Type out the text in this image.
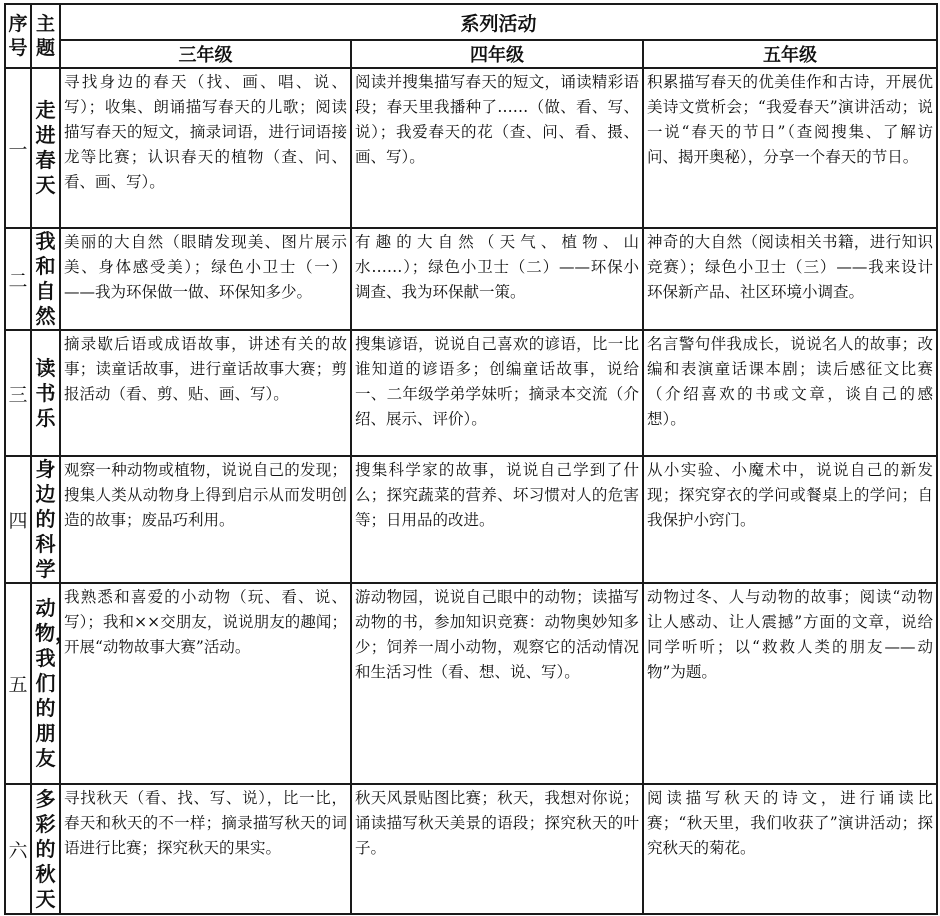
序号	主题	系列活动		
		三年级	四年级	五年级
一	走进春天	寻找身边的春天（找、画、唱、说、写）；收集、朗诵描写春天的儿歌；阅读描写春天的短文，摘录词语，进行词语接龙等比赛；认识春天的植物（查、问、看、画、写）。	阅读并搜集描写春天的短文，诵读精彩语段；春天里我播种了……（做、看、写、说）；我爱春天的花（查、问、看、摄、画、写）。	积累描写春天的优美佳作和古诗，开展优美诗文赏析会；“我爱春天”演讲活动；说一说“春天的节日”（查阅搜集、了解访问、揭开奥秘），分享一个春天的节日。
二	我和自然	美丽的大自然（眼睛发现美、图片展示美、身体感受美）；绿色小卫士（一）——我为环保做一做、环保知多少。	有趣的大自然（天气、植物、山水……）；绿色小卫士（二）——环保小调查、我为环保献一策。	神奇的大自然（阅读相关书籍，进行知识竞赛）；绿色小卫士（三）——我来设计环保新产品、社区环境小调查。
三	读书乐	摘录歇后语或成语故事，讲述有关的故事；读童话故事，进行童话故事大赛；剪报活动（看、剪、贴、画、写）。	搜集谚语，说说自己喜欢的谚语，比一比谁知道的谚语多；创编童话故事，说给一、二年级学弟学妹听；摘录本交流（介绍、展示、评价）。	名言警句伴我成长，说说名人的故事；改编和表演童话课本剧；读后感征文比赛（介绍喜欢的书或文章，谈自己的感想）。
四	身边的科学	观察一种动物或植物，说说自己的发现；搜集人类从动物身上得到启示从而发明创造的故事；废品巧利用。	搜集科学家的故事，说说自己学到了什么；探究蔬菜的营养、坏习惯对人的危害等；日用品的改进。	从小实验、小魔术中，说说自己的新发现；探究穿衣的学问或餐桌上的学问；自我保护小窍门。
五	动物，我们的朋友	我熟悉和喜爱的小动物（玩、看、说、写）；我和××交朋友，说说朋友的趣闻；开展“动物故事大赛”活动。	游动物园，说说自己眼中的动物；读描写动物的书，参加知识竞赛：动物奥妙知多少；饲养一周小动物，观察它的活动情况和生活习性（看、想、说、写）。	动物过冬、人与动物的故事；阅读“动物让人感动、让人震撼”方面的文章，说给同学听听；以“救救人类的朋友——动物”为题。
六	多彩的秋天	寻找秋天（看、找、写、说），比一比，春天和秋天的不一样；摘录描写秋天的词语进行比赛；探究秋天的果实。	秋天风景贴图比赛；秋天，我想对你说；诵读描写秋天美景的语段；探究秋天的叶子。	阅读描写秋天的诗文，进行诵读比赛；“秋天里，我们收获了”演讲活动；探究秋天的菊花。
